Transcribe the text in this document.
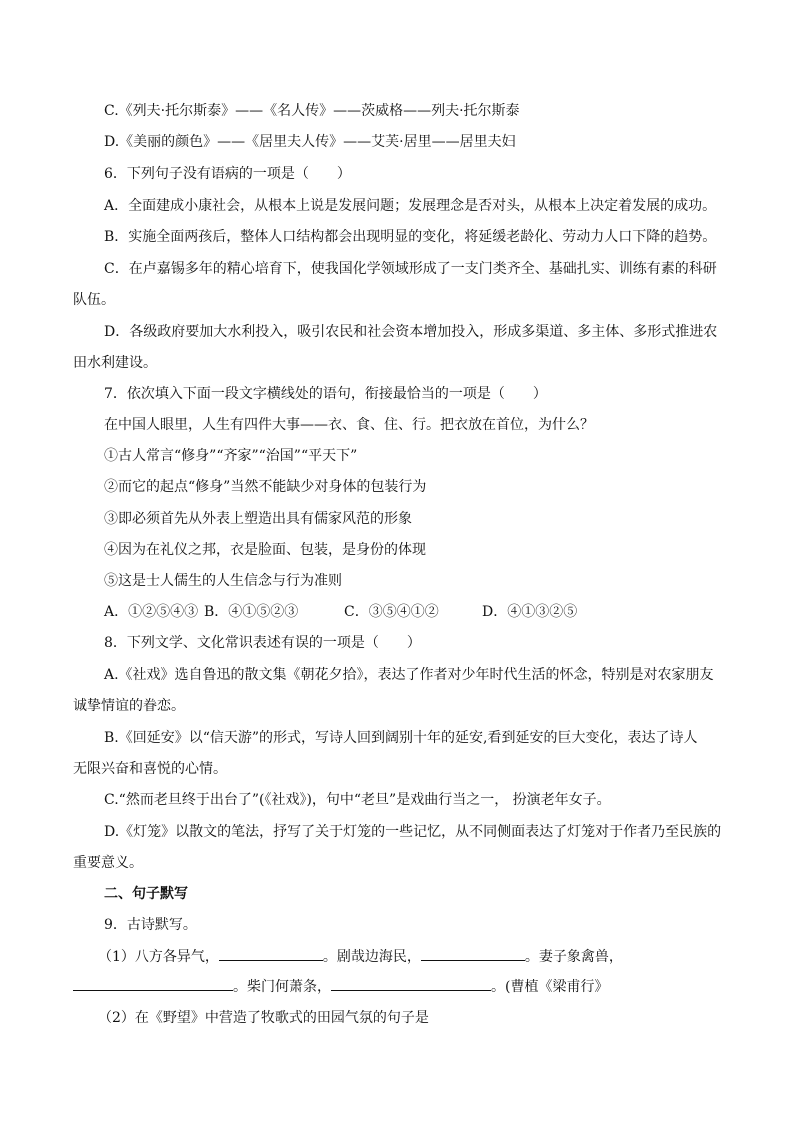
C.《列夫·托尔斯泰》——《名人传》——茨威格——列夫·托尔斯泰
D.《美丽的颜色》——《居里夫人传》——艾芙·居里——居里夫妇
6．下列句子没有语病的一项是（　　）
A．全面建成小康社会，从根本上说是发展问题；发展理念是否对头，从根本上决定着发展的成功。
B．实施全面两孩后，整体人口结构都会出现明显的变化，将延缓老龄化、劳动力人口下降的趋势。
C．在卢嘉锡多年的精心培育下，使我国化学领域形成了一支门类齐全、基础扎实、训练有素的科研
队伍。
D．各级政府要加大水利投入，吸引农民和社会资本增加投入，形成多渠道、多主体、多形式推进农
田水利建设。
7．依次填入下面一段文字横线处的语句，衔接最恰当的一项是（　　）
在中国人眼里，人生有四件大事——衣、食、住、行。把衣放在首位，为什么？
①古人常言“修身”“齐家”“治国”“平天下”
②而它的起点“修身”当然不能缺少对身体的包装行为
③即必须首先从外表上塑造出具有儒家风范的形象
④因为在礼仪之邦，衣是脸面、包装，是身份的体现
⑤这是士人儒生的人生信念与行为准则
A．①②⑤④③ B．④①⑤②③	C．③⑤④①②	D．④①③②⑤
8．下列文学、文化常识表述有误的一项是（　　）
A.《社戏》选自鲁迅的散文集《朝花夕拾》，表达了作者对少年时代生活的怀念，特别是对农家朋友
诚挚情谊的眷恋。
B.《回延安》以“信天游”的形式，写诗人回到阔别十年的延安,看到延安的巨大变化，表达了诗人
无限兴奋和喜悦的心情。
C.“然而老旦终于出台了”(《社戏》)，句中“老旦”是戏曲行当之一， 扮演老年女子。
D.《灯笼》以散文的笔法，抒写了关于灯笼的一些记忆，从不同侧面表达了灯笼对于作者乃至民族的
重要意义。
二、句子默写
9．古诗默写。
（1）八方各异气，	。剧哉边海民，	。妻子象禽兽，
。柴门何萧条，	。(曹植《梁甫行》
（2）在《野望》中营造了牧歌式的田园气氛的句子是
